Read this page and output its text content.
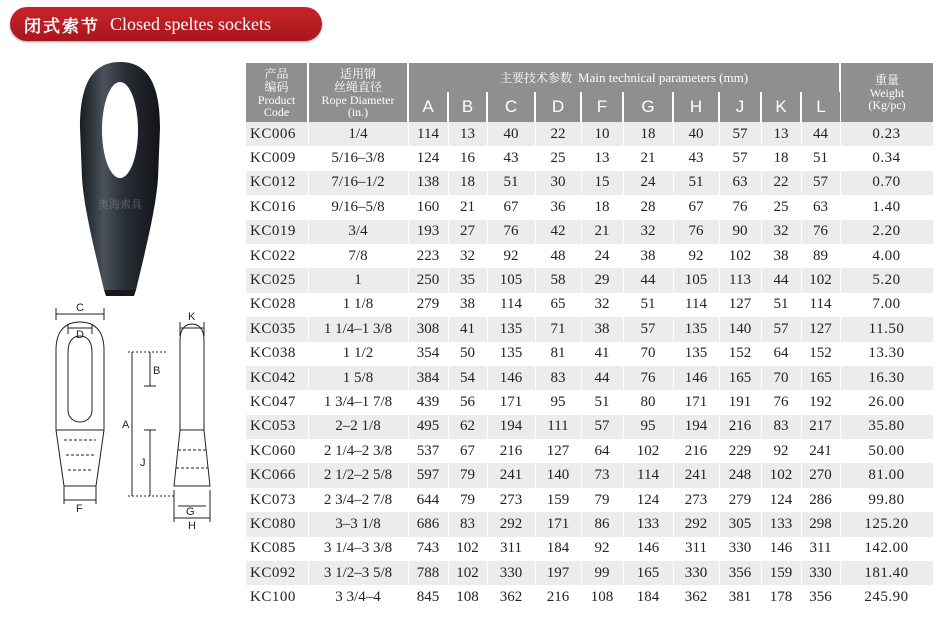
闭式索节 Closed speltes sockets
奥海索具
C
D
K
B
A
J
F	G
H
产品
编码
Product
Code	适用钢
丝绳直径
Rope Diameter
(in.)	主要技术参数 Main technical parameters (mm)										重量
Weight
(Kg/pc)

		A	B	C	D	F	G	H	J	K	L	
KC006	1/4	114	13	40	22	10	18	40	57	13	44	0.23
KC009	5/16–3/8	124	16	43	25	13	21	43	57	18	51	0.34
KC012	7/16–1/2	138	18	51	30	15	24	51	63	22	57	0.70
KC016	9/16–5/8	160	21	67	36	18	28	67	76	25	63	1.40
KC019	3/4	193	27	76	42	21	32	76	90	32	76	2.20
KC022	7/8	223	32	92	48	24	38	92	102	38	89	4.00
KC025	1	250	35	105	58	29	44	105	113	44	102	5.20
KC028	1 1/8	279	38	114	65	32	51	114	127	51	114	7.00
KC035	1 1/4–1 3/8	308	41	135	71	38	57	135	140	57	127	11.50
KC038	1 1/2	354	50	135	81	41	70	135	152	64	152	13.30
KC042	1 5/8	384	54	146	83	44	76	146	165	70	165	16.30
KC047	1 3/4–1 7/8	439	56	171	95	51	80	171	191	76	192	26.00
KC053	2–2 1/8	495	62	194	111	57	95	194	216	83	217	35.80
KC060	2 1/4–2 3/8	537	67	216	127	64	102	216	229	92	241	50.00
KC066	2 1/2–2 5/8	597	79	241	140	73	114	241	248	102	270	81.00
KC073	2 3/4–2 7/8	644	79	273	159	79	124	273	279	124	286	99.80
KC080	3–3 1/8	686	83	292	171	86	133	292	305	133	298	125.20
KC085	3 1/4–3 3/8	743	102	311	184	92	146	311	330	146	311	142.00
KC092	3 1/2–3 5/8	788	102	330	197	99	165	330	356	159	330	181.40
KC100	3 3/4–4	845	108	362	216	108	184	362	381	178	356	245.90
